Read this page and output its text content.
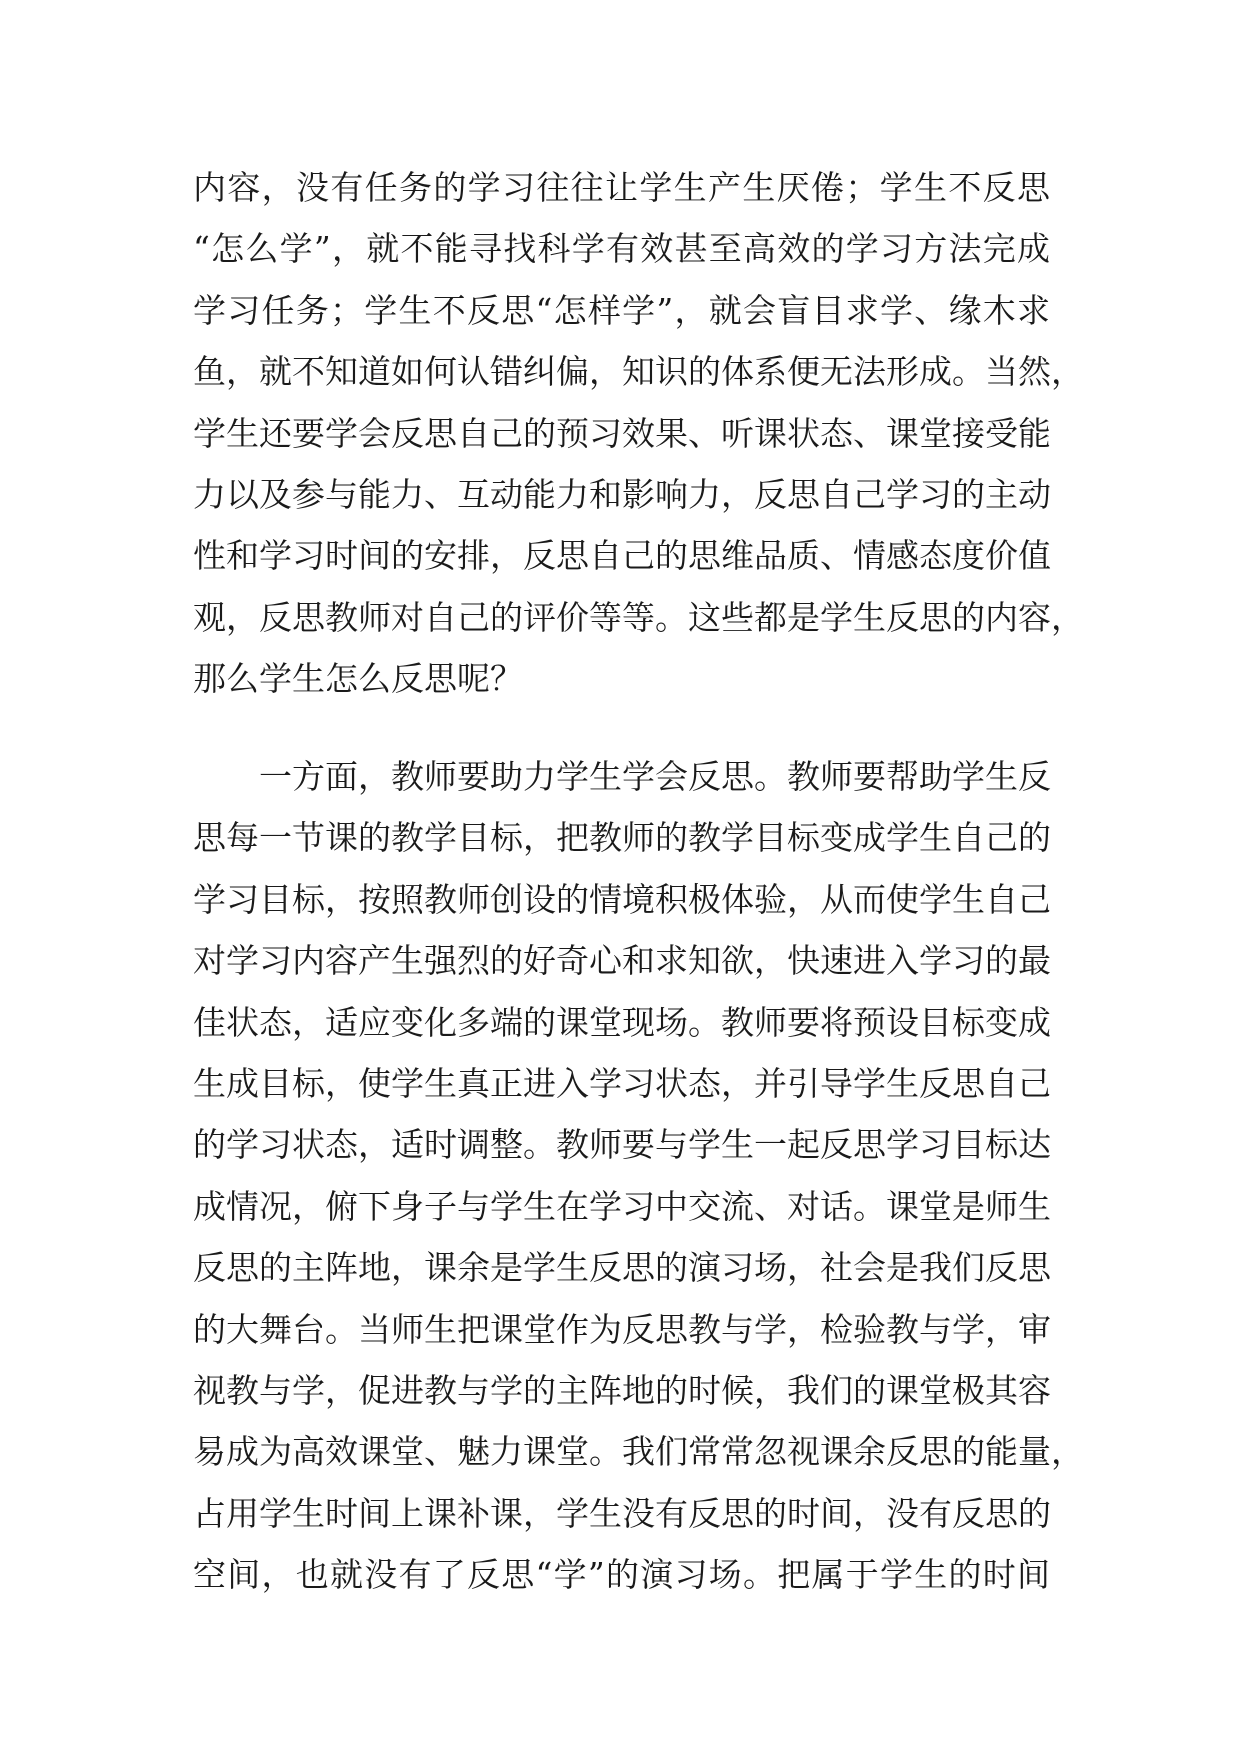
内容，没有任务的学习往往让学生产生厌倦；学生不反思
“怎么学”，就不能寻找科学有效甚至高效的学习方法完成
学习任务；学生不反思“怎样学”，就会盲目求学、缘木求
鱼，就不知道如何认错纠偏，知识的体系便无法形成。当然，
学生还要学会反思自己的预习效果、听课状态、课堂接受能
力以及参与能力、互动能力和影响力，反思自己学习的主动
性和学习时间的安排，反思自己的思维品质、情感态度价值
观，反思教师对自己的评价等等。这些都是学生反思的内容，
那么学生怎么反思呢？
一方面，教师要助力学生学会反思。教师要帮助学生反
思每一节课的教学目标，把教师的教学目标变成学生自己的
学习目标，按照教师创设的情境积极体验，从而使学生自己
对学习内容产生强烈的好奇心和求知欲，快速进入学习的最
佳状态，适应变化多端的课堂现场。教师要将预设目标变成
生成目标，使学生真正进入学习状态，并引导学生反思自己
的学习状态，适时调整。教师要与学生一起反思学习目标达
成情况，俯下身子与学生在学习中交流、对话。课堂是师生
反思的主阵地，课余是学生反思的演习场，社会是我们反思
的大舞台。当师生把课堂作为反思教与学，检验教与学，审
视教与学，促进教与学的主阵地的时候，我们的课堂极其容
易成为高效课堂、魅力课堂。我们常常忽视课余反思的能量，
占用学生时间上课补课，学生没有反思的时间，没有反思的
空间，也就没有了反思“学”的演习场。把属于学生的时间
